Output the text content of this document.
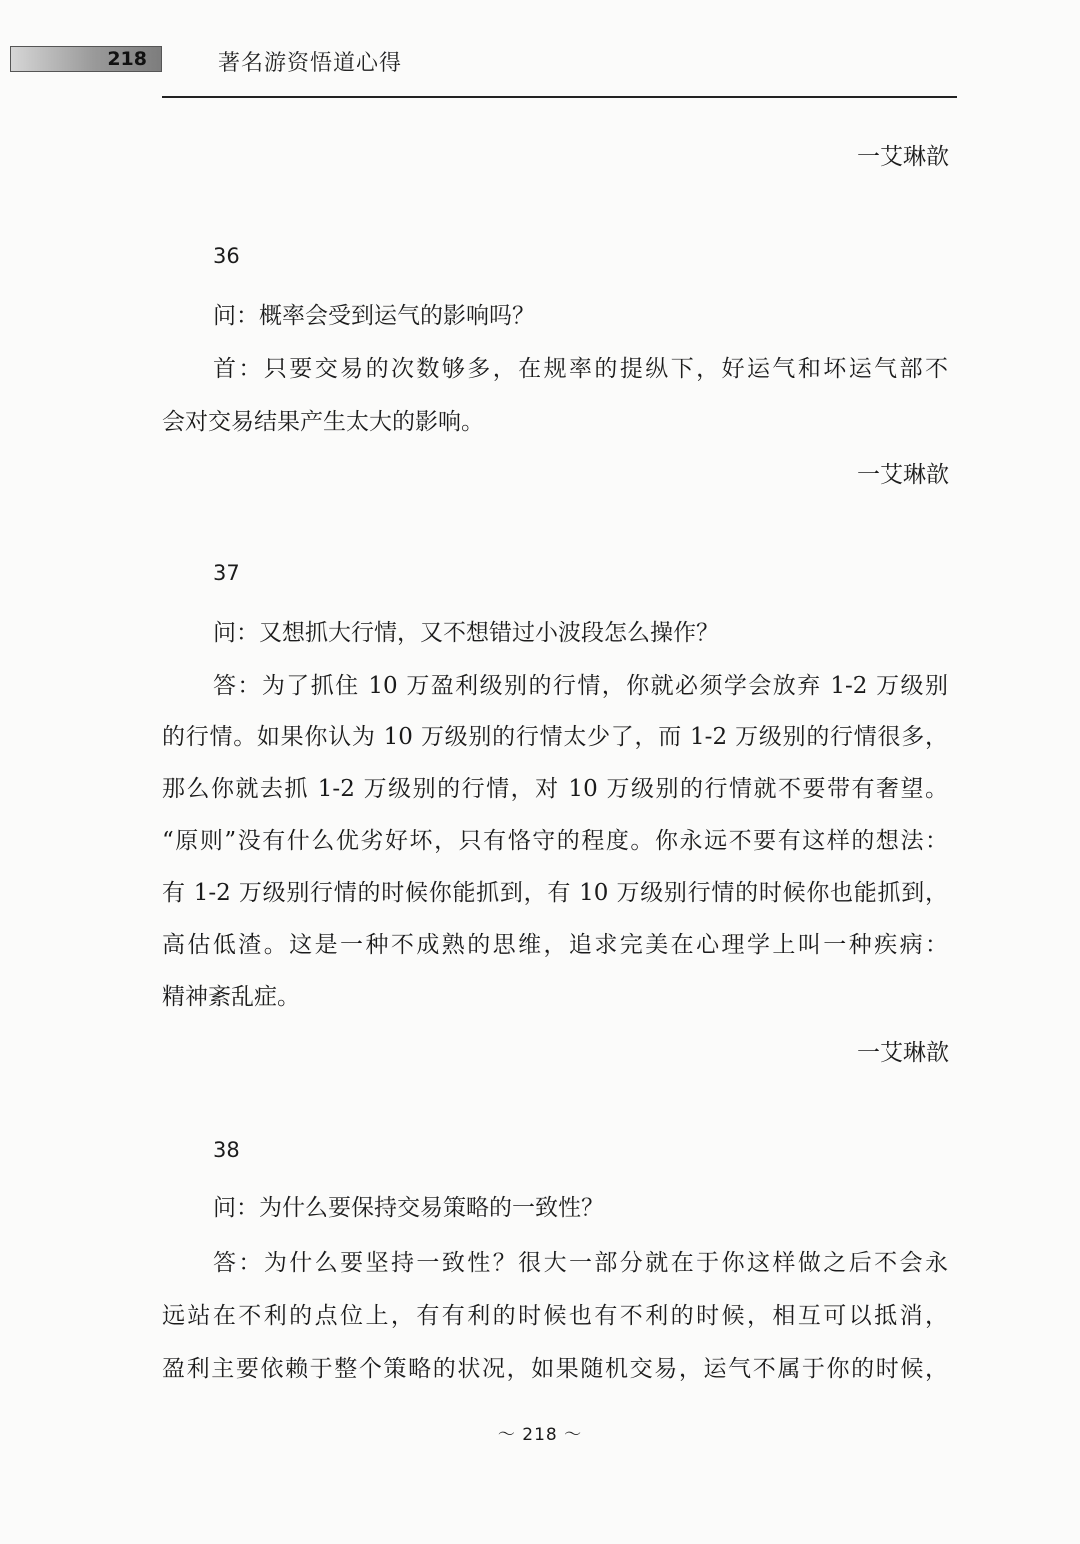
218	著名游资悟道心得
一艾琳歆
36
问：概率会受到运气的影响吗？
首：只要交易的次数够多，在规率的提纵下，好运气和坏运气部不
会对交易结果产生太大的影响。
一艾琳歆
37
问：又想抓大行情，又不想错过小波段怎么操作？
答：为了抓住 10 万盈利级别的行情，你就必须学会放弃 1-2 万级别
的行情。如果你认为 10 万级别的行情太少了，而 1-2 万级别的行情很多，
那么你就去抓 1-2 万级别的行情，对 10 万级别的行情就不要带有奢望。
“原则”没有什么优劣好坏，只有恪守的程度。你永远不要有这样的想法：
有 1-2 万级别行情的时候你能抓到，有 10 万级别行情的时候你也能抓到，
高估低渣。这是一种不成熟的思维，追求完美在心理学上叫一种疾病：
精神紊乱症。
一艾琳歆
38
问：为什么要保持交易策略的一致性？
答：为什么要坚持一致性？很大一部分就在于你这样做之后不会永
远站在不利的点位上，有有利的时候也有不利的时候，相互可以抵消，
盈利主要依赖于整个策略的状况，如果随机交易，运气不属于你的时候，
～ 218 ～
